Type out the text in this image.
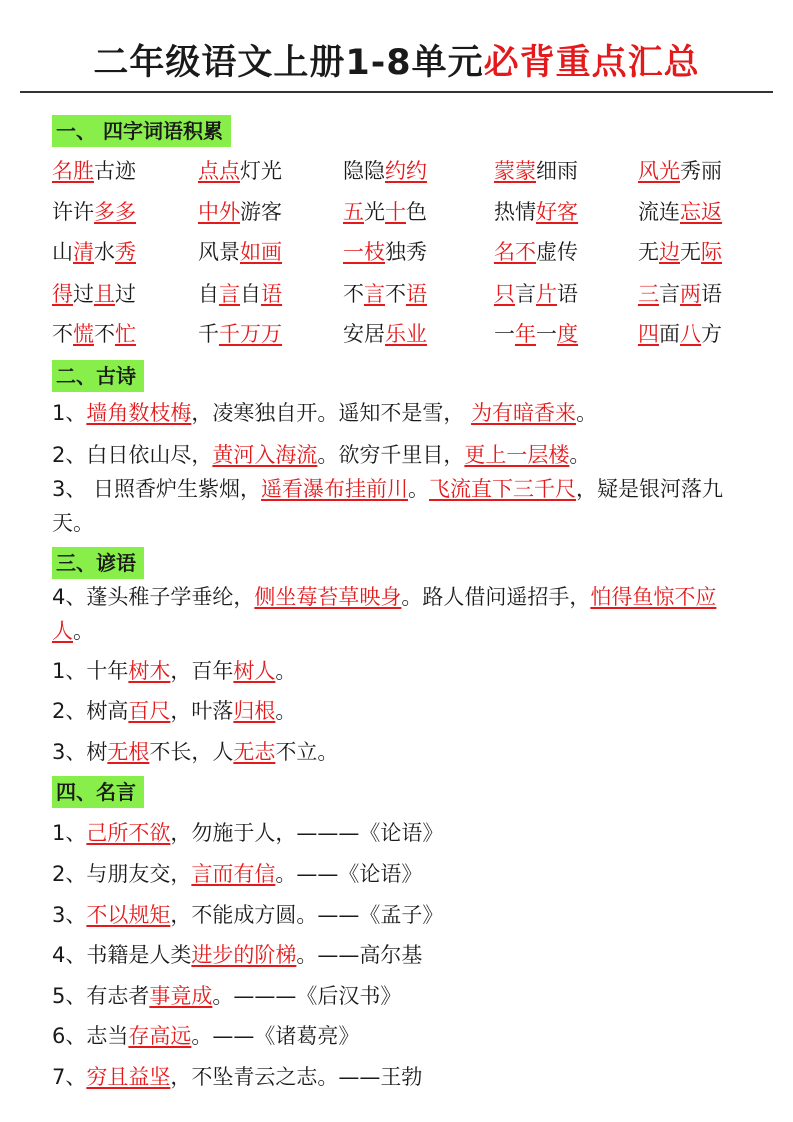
二年级语文上册1-8单元必背重点汇总
一、 四字词语积累
名胜古迹	点点灯光	隐隐约约	蒙蒙细雨	风光秀丽
许许多多	中外游客	五光十色	热情好客	流连忘返
山清水秀	风景如画	一枝独秀	名不虚传	无边无际
得过且过	自言自语	不言不语	只言片语	三言两语
不慌不忙	千千万万	安居乐业	一年一度	四面八方
二、古诗
1、墙角数枝梅，凌寒独自开。遥知不是雪， 为有暗香来。
2、白日依山尽，黄河入海流。欲穷千里目，更上一层楼。
3、 日照香炉生紫烟，遥看瀑布挂前川。飞流直下三千尺，疑是银河落九天。
三、谚语
4、蓬头稚子学垂纶，侧坐莓苔草映身。路人借问遥招手，怕得鱼惊不应人。
1、十年树木，百年树人。
2、树高百尺，叶落归根。
3、树无根不长，人无志不立。
四、名言
1、己所不欲，勿施于人，———《论语》
2、与朋友交，言而有信。——《论语》
3、不以规矩，不能成方圆。——《孟子》
4、书籍是人类进步的阶梯。——高尔基
5、有志者事竟成。———《后汉书》
6、志当存高远。——《诸葛亮》
7、穷且益坚，不坠青云之志。——王勃
